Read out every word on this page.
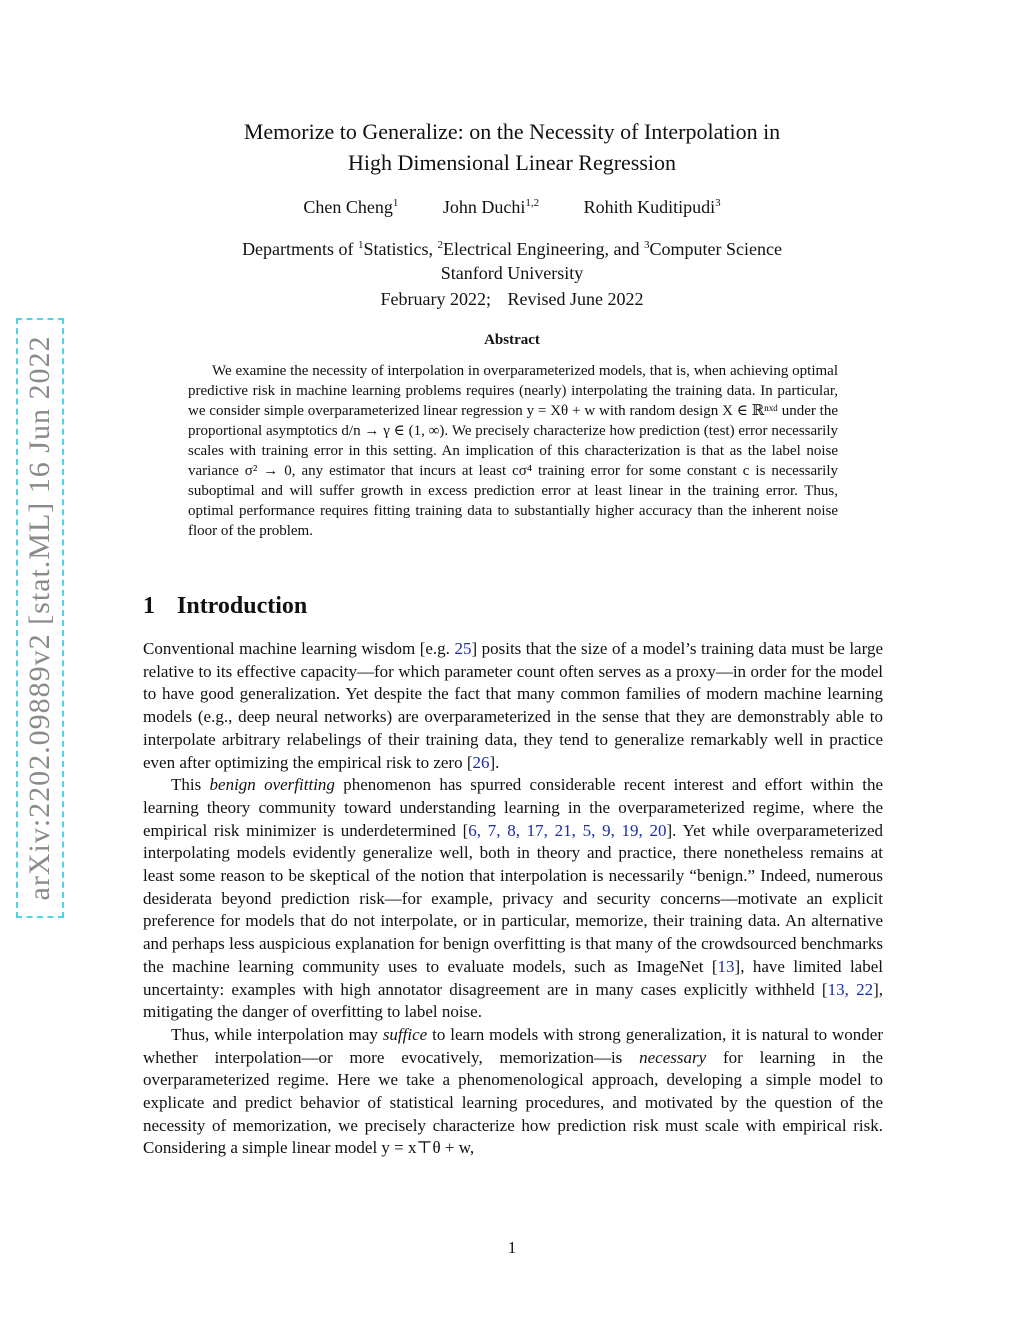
arXiv:2202.09889v2 [stat.ML] 16 Jun 2022
Memorize to Generalize: on the Necessity of Interpolation in
High Dimensional Linear Regression
Chen Cheng$^1$ John Duchi$^{1,2}$ Rohith Kuditipudi$^3$
Departments of $^1$Statistics, $^2$Electrical Engineering, and $^3$Computer Science
Stanford University
February 2022; Revised June 2022
Abstract
We examine the necessity of interpolation in overparameterized models, that is, when achieving optimal predictive risk in machine learning problems requires (nearly) interpolating the training data. In particular, we consider simple overparameterized linear regression y = Xθ + w with random design X ∈ ℝⁿˣᵈ under the proportional asymptotics d/n → γ ∈ (1, ∞). We precisely characterize how prediction (test) error necessarily scales with training error in this setting. An implication of this characterization is that as the label noise variance σ² → 0, any estimator that incurs at least cσ⁴ training error for some constant c is necessarily suboptimal and will suffer growth in excess prediction error at least linear in the training error. Thus, optimal performance requires fitting training data to substantially higher accuracy than the inherent noise floor of the problem.
1 Introduction

Conventional machine learning wisdom [e.g. 25] posits that the size of a model’s training data must be large relative to its effective capacity—for which parameter count often serves as a proxy—in order for the model to have good generalization. Yet despite the fact that many common families of modern machine learning models (e.g., deep neural networks) are overparameterized in the sense that they are demonstrably able to interpolate arbitrary relabelings of their training data, they tend to generalize remarkably well in practice even after optimizing the empirical risk to zero [26].

This benign overfitting phenomenon has spurred considerable recent interest and effort within the learning theory community toward understanding learning in the overparameterized regime, where the empirical risk minimizer is underdetermined [6, 7, 8, 17, 21, 5, 9, 19, 20]. Yet while overparameterized interpolating models evidently generalize well, both in theory and practice, there nonetheless remains at least some reason to be skeptical of the notion that interpolation is necessarily “benign.” Indeed, numerous desiderata beyond prediction risk—for example, privacy and security concerns—motivate an explicit preference for models that do not interpolate, or in particular, memorize, their training data. An alternative and perhaps less auspicious explanation for benign overfitting is that many of the crowdsourced benchmarks the machine learning community uses to evaluate models, such as ImageNet [13], have limited label uncertainty: examples with high annotator disagreement are in many cases explicitly withheld [13, 22], mitigating the danger of overfitting to label noise.

Thus, while interpolation may suffice to learn models with strong generalization, it is natural to wonder whether interpolation—or more evocatively, memorization—is necessary for learning in the overparameterized regime. Here we take a phenomenological approach, developing a simple model to explicate and predict behavior of statistical learning procedures, and motivated by the question of the necessity of memorization, we precisely characterize how prediction risk must scale with empirical risk. Considering a simple linear model y = x⊤θ + w,

1
